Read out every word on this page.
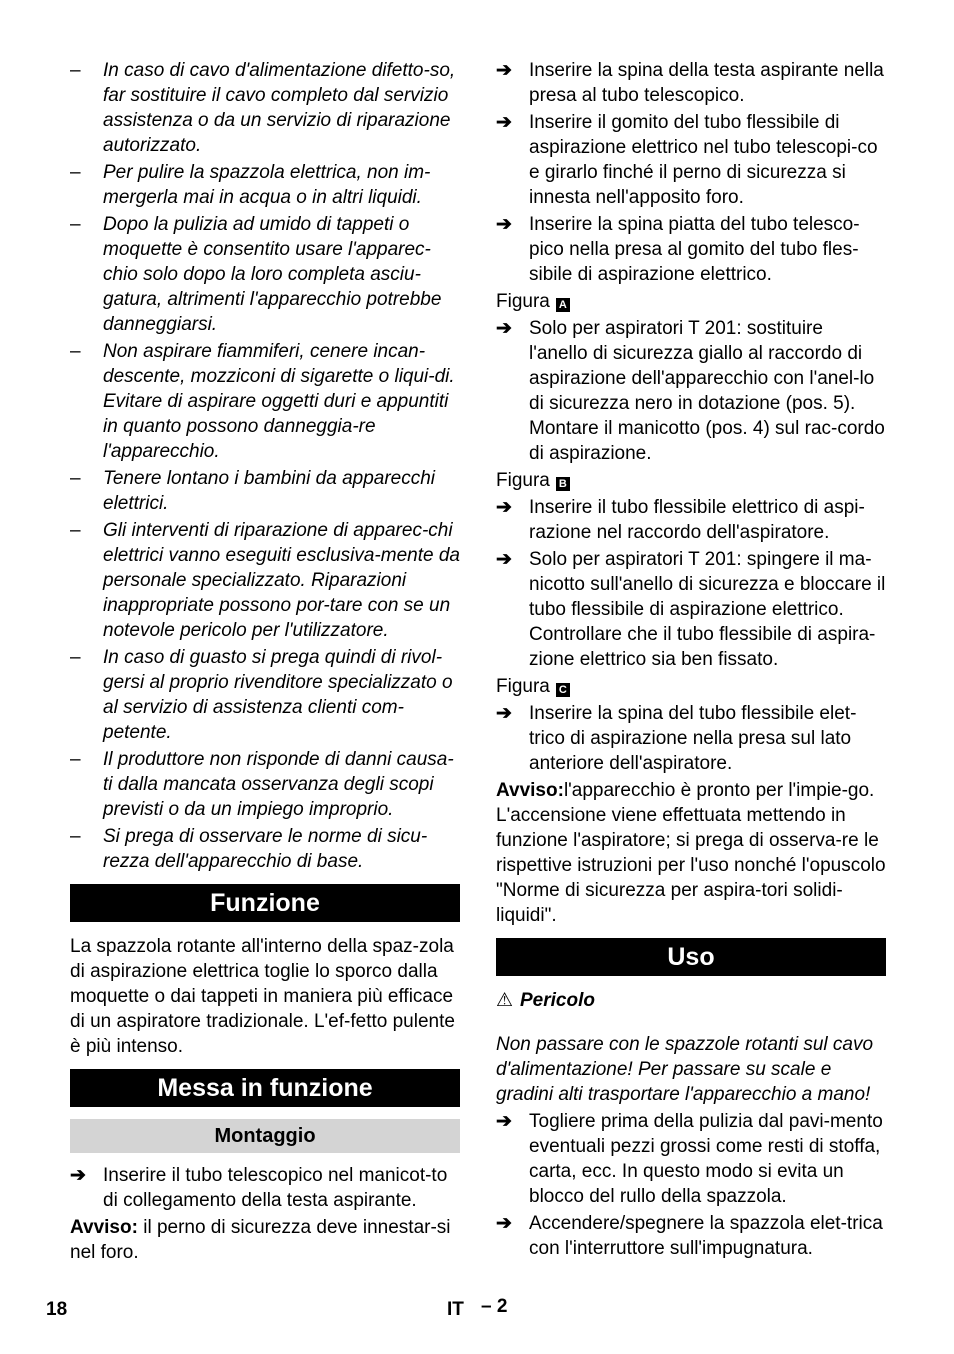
– In caso di cavo d'alimentazione difetto-so, far sostituire il cavo completo dal servizio assistenza o da un servizio di riparazione autorizzato.
– Per pulire la spazzola elettrica, non im-mergerla mai in acqua o in altri liquidi.
– Dopo la pulizia ad umido di tappeti o moquette è consentito usare l'apparec-chio solo dopo la loro completa asciu-gatura, altrimenti l'apparecchio potrebbe danneggiarsi.
– Non aspirare fiammiferi, cenere incan-descente, mozziconi di sigarette o liqui-di. Evitare di aspirare oggetti duri e appuntiti in quanto possono danneggia-re l'apparecchio.
– Tenere lontano i bambini da apparecchi elettrici.
– Gli interventi di riparazione di apparec-chi elettrici vanno eseguiti esclusiva-mente da personale specializzato. Riparazioni inappropriate possono por-tare con se un notevole pericolo per l'utilizzatore.
– In caso di guasto si prega quindi di rivol-gersi al proprio rivenditore specializzato o al servizio di assistenza clienti com-petente.
– Il produttore non risponde di danni causa-ti dalla mancata osservanza degli scopi previsti o da un impiego improprio.
– Si prega di osservare le norme di sicu-rezza dell'apparecchio di base.
Funzione

La spazzola rotante all'interno della spaz-zola di aspirazione elettrica toglie lo sporco dalla moquette o dai tappeti in maniera più efficace di un aspiratore tradizionale. L'ef-fetto pulente è più intenso.

Messa in funzione
Montaggio
➔ Inserire il tubo telescopico nel manicot-to di collegamento della testa aspirante.

Avviso: il perno di sicurezza deve innestar-si nel foro.

➔ Inserire la spina della testa aspirante nella presa al tubo telescopico.
➔ Inserire il gomito del tubo flessibile di aspirazione elettrico nel tubo telescopi-co e girarlo finché il perno di sicurezza si innesta nell'apposito foro.
➔ Inserire la spina piatta del tubo telesco-pico nella presa al gomito del tubo fles-sibile di aspirazione elettrico.
Figura A
➔ Solo per aspiratori T 201: sostituire l'anello di sicurezza giallo al raccordo di aspirazione dell'apparecchio con l'anel-lo di sicurezza nero in dotazione (pos. 5). Montare il manicotto (pos. 4) sul rac-cordo di aspirazione.
Figura B
➔ Inserire il tubo flessibile elettrico di aspi-razione nel raccordo dell'aspiratore.
➔ Solo per aspiratori T 201: spingere il ma-nicotto sull'anello di sicurezza e bloccare il tubo flessibile di aspirazione elettrico. Controllare che il tubo flessibile di aspira-zione elettrico sia ben fissato.
Figura C
➔ Inserire la spina del tubo flessibile elet-trico di aspirazione nella presa sul lato anteriore dell'aspiratore.

Avviso:l'apparecchio è pronto per l'impie-go. L'accensione viene effettuata mettendo in funzione l'aspiratore; si prega di osserva-re le rispettive istruzioni per l'uso nonché l'opuscolo "Norme di sicurezza per aspira-tori solidi-liquidi".

Uso
⚠ Pericolo

Non passare con le spazzole rotanti sul cavo d'alimentazione! Per passare su scale e gradini alti trasportare l'apparecchio a mano!

➔ Togliere prima della pulizia dal pavi-mento eventuali pezzi grossi come resti di stoffa, carta, ecc. In questo modo si evita un blocco del rullo della spazzola.
➔ Accendere/spegnere la spazzola elet-trica con l'interruttore sull'impugnatura.
18	IT – 2
